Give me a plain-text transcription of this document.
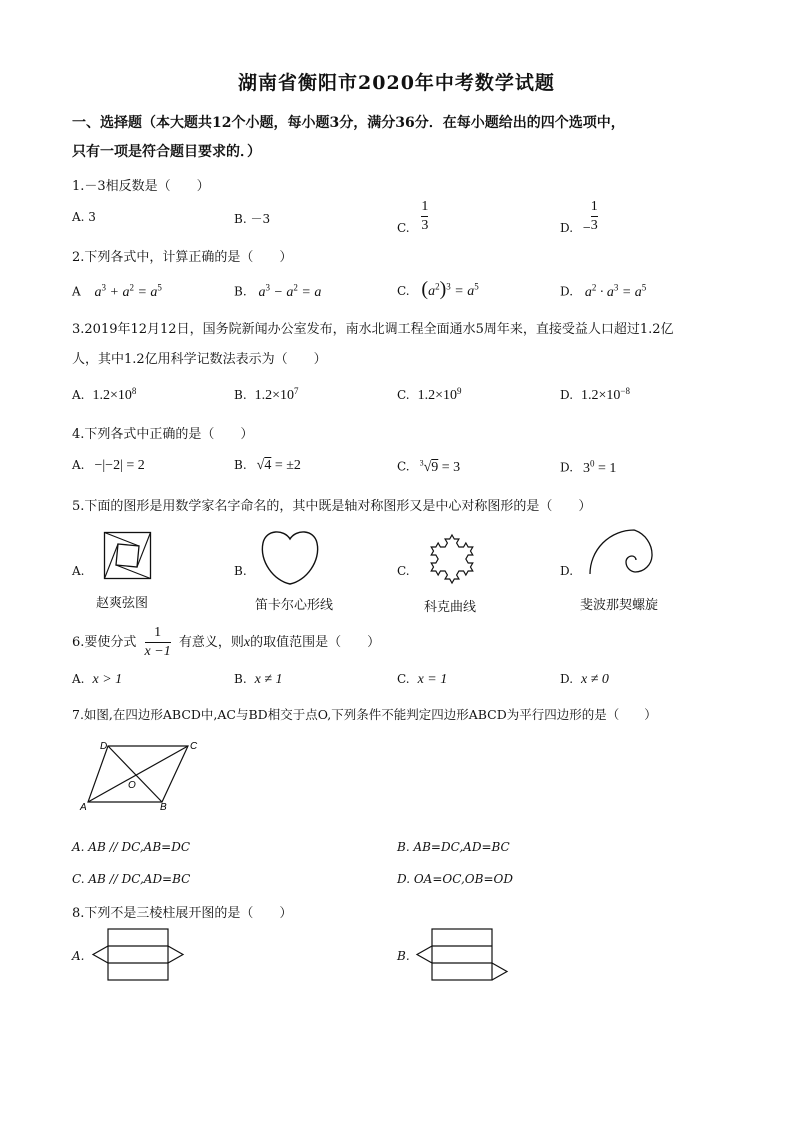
湖南省衡阳市2020年中考数学试题
一、选择题（本大题共12个小题，每小题3分，满分36分．在每小题给出的四个选项中，
只有一项是符合题目要求的．）
1.－3相反数是（　　）
A. 3	B. －3
C. $\frac{1}{3}$	D. − $\frac{1}{3}$
2.下列各式中，计算正确的是（　　）
A $a^3 + a^2 = a^5$	B. $a^3 - a^2 = a$	C. $(a^2)^3 = a^5$	D. $a^2 \cdot a^3 = a^5$
3.2019年12月12日，国务院新闻办公室发布，南水北调工程全面通水5周年来，直接受益人口超过1.2亿
人，其中1.2亿用科学记数法表示为（　　）
A. $1.2\times 10^8$	B. $1.2\times 10^7$	C. $1.2\times 10^9$	D. $1.2\times 10^{-8}$
4.下列各式中正确的是（　　）
A. −|−2| = 2	B. √4 = ±2	C. $^3$√9 = 3	D. $3^0 = 1$
5.下面的图形是用数学家名字命名的，其中既是轴对称图形又是中心对称图形的是（　　）
A.
赵爽弦图
B.
笛卡尔心形线
C.
科克曲线
D.
斐波那契螺旋
6.要使分式 $\frac{1}{x -1}$ 有意义，则x的取值范围是（　　）
A. x > 1	B. x ≠ 1	C. x = 1	D. x ≠ 0
7.如图,在四边形ABCD中,AC与BD相交于点O,下列条件不能判定四边形ABCD为平行四边形的是（　　）
D	C
A	B
O
A. AB // DC,AB=DC	B. AB=DC,AD=BC
C. AB // DC,AD=BC	D. OA=OC,OB=OD
8.下列不是三棱柱展开图的是（　　）
A.	B.
